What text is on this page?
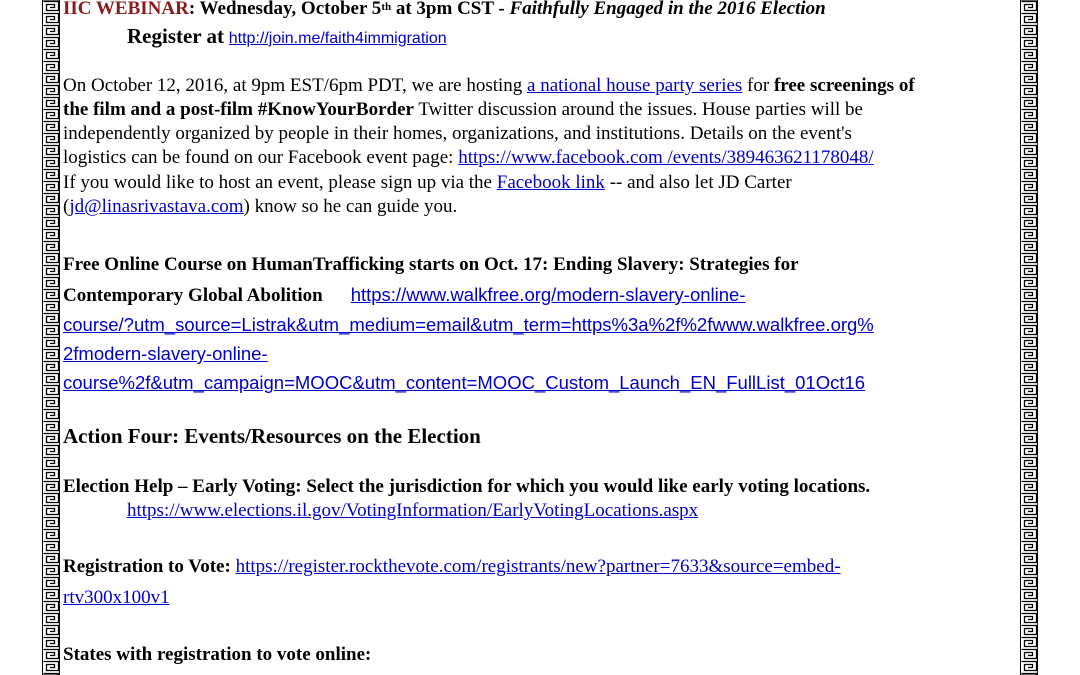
IIC WEBINAR: Wednesday, October 5th at 3pm CST - Faithfully Engaged in the 2016 Election
Register at http://join.me/faith4immigration
On October 12, 2016, at 9pm EST/6pm PDT, we are hosting a national house party series for free screenings of
the film and a post-film #KnowYourBorder Twitter discussion around the issues. House parties will be
independently organized by people in their homes, organizations, and institutions. Details on the event's
logistics can be found on our Facebook event page: https://www.facebook.com /events/389463621178048/
If you would like to host an event, please sign up via the Facebook link -- and also let JD Carter
(jd@linasrivastava.com) know so he can guide you.
Free Online Course on HumanTrafficking starts on Oct. 17: Ending Slavery: Strategies for
Contemporary Global Abolition https://www.walkfree.org/modern-slavery-online-
course/?utm_source=Listrak&utm_medium=email&utm_term=https%3a%2f%2fwww.walkfree.org%
2fmodern-slavery-online-
course%2f&utm_campaign=MOOC&utm_content=MOOC_Custom_Launch_EN_FullList_01Oct16
Action Four: Events/Resources on the Election
Election Help – Early Voting: Select the jurisdiction for which you would like early voting locations.
https://www.elections.il.gov/VotingInformation/EarlyVotingLocations.aspx
Registration to Vote: https://register.rockthevote.com/registrants/new?partner=7633&source=embed-
rtv300x100v1
States with registration to vote online:
